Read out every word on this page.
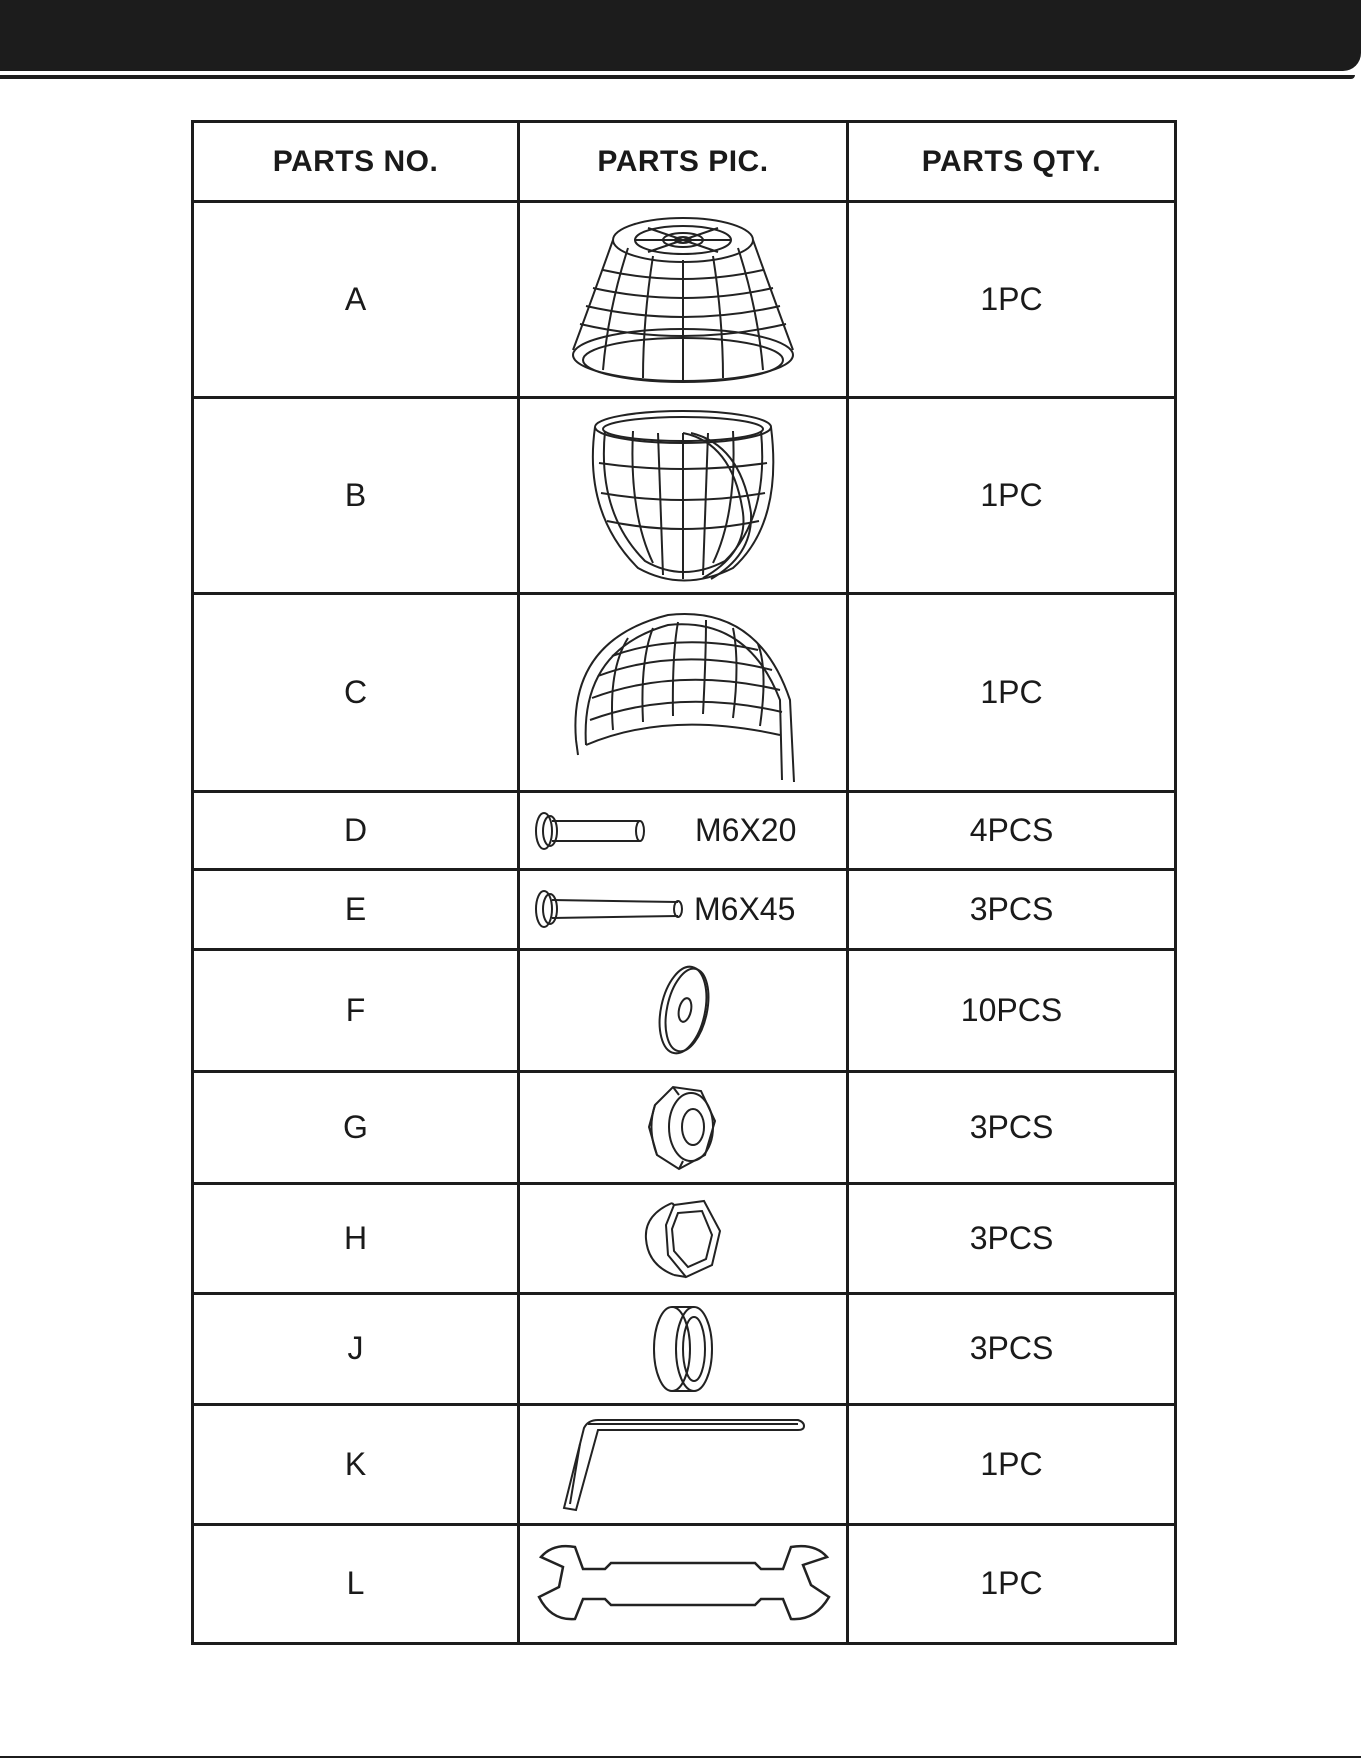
PARTS NO.	PARTS PIC.	PARTS QTY.
A		1PC
B		1PC
C		1PC
D	M6X20	4PCS
E	M6X45	3PCS
F		10PCS
G		3PCS
H		3PCS
J		3PCS
K		1PC
L		1PC
